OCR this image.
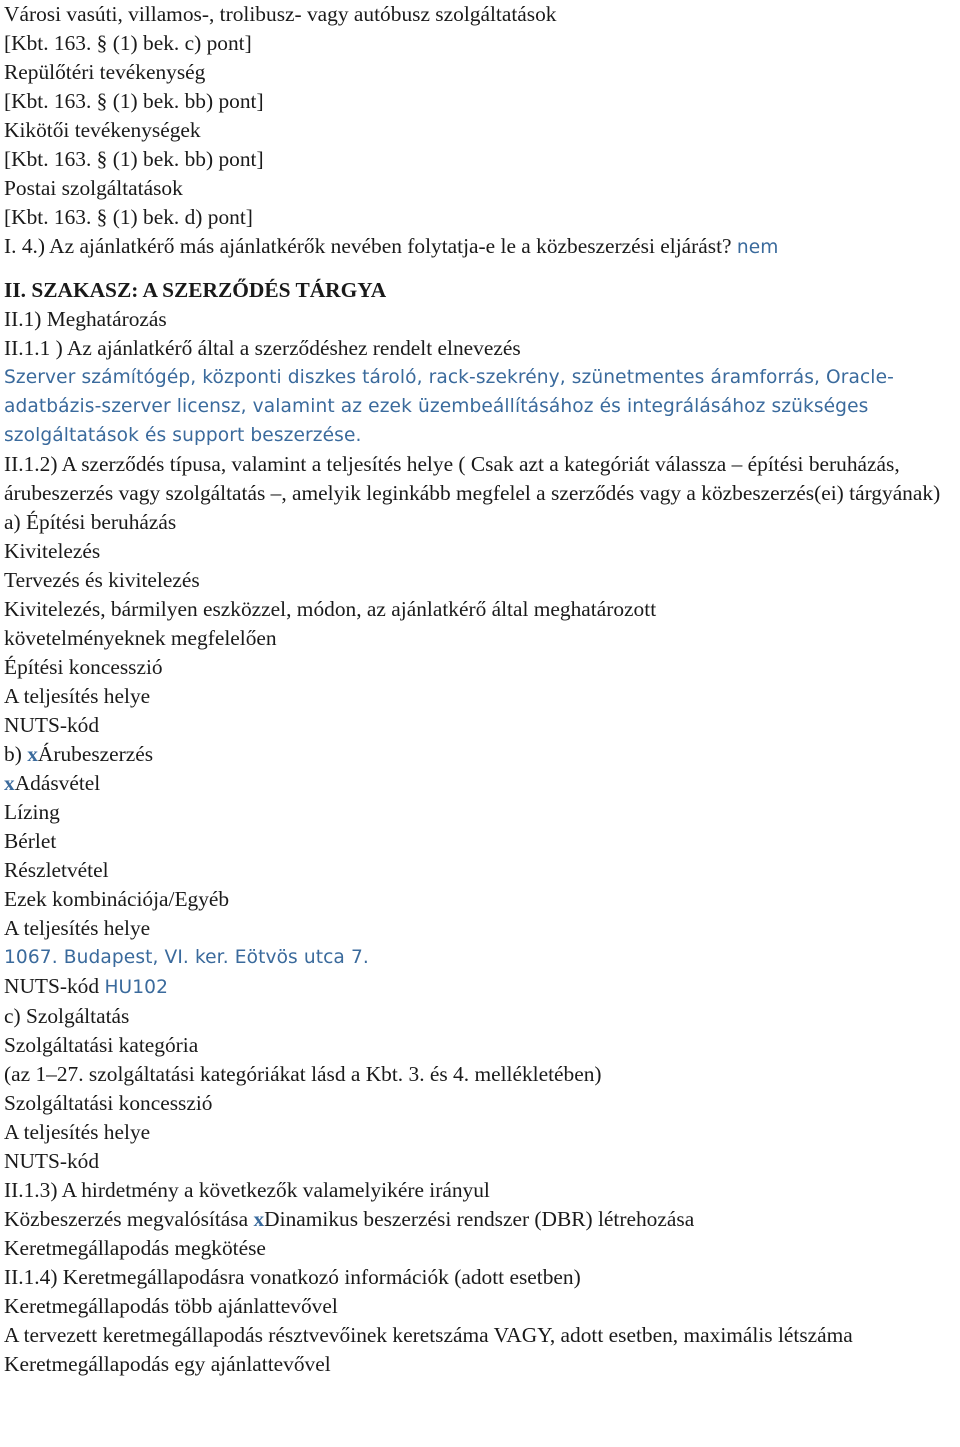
Városi vasúti, villamos-, trolibusz- vagy autóbusz szolgáltatások
[Kbt. 163. § (1) bek. c) pont]
Repülőtéri tevékenység
[Kbt. 163. § (1) bek. bb) pont]
Kikötői tevékenységek
[Kbt. 163. § (1) bek. bb) pont]
Postai szolgáltatások
[Kbt. 163. § (1) bek. d) pont]
I. 4.) Az ajánlatkérő más ajánlatkérők nevében folytatja-e le a közbeszerzési eljárást? nem
II. SZAKASZ: A SZERZŐDÉS TÁRGYA
II.1) Meghatározás
II.1.1 ) Az ajánlatkérő által a szerződéshez rendelt elnevezés
Szerver számítógép, központi diszkes tároló, rack-szekrény, szünetmentes áramforrás, Oracle-adatbázis-szerver licensz, valamint az ezek üzembeállításához és integrálásához szükséges szolgáltatások és support beszerzése.
II.1.2) A szerződés típusa, valamint a teljesítés helye ( Csak azt a kategóriát válassza – építési beruházás, árubeszerzés vagy szolgáltatás –, amelyik leginkább megfelel a szerződés vagy a közbeszerzés(ei) tárgyának)
a) Építési beruházás
Kivitelezés
Tervezés és kivitelezés
Kivitelezés, bármilyen eszközzel, módon, az ajánlatkérő által meghatározott
követelményeknek megfelelően
Építési koncesszió
A teljesítés helye
NUTS-kód
b) xÁrubeszerzés
xAdásvétel
Lízing
Bérlet
Részletvétel
Ezek kombinációja/Egyéb
A teljesítés helye
1067. Budapest, VI. ker. Eötvös utca 7.
NUTS-kód HU102
c) Szolgáltatás
Szolgáltatási kategória
(az 1–27. szolgáltatási kategóriákat lásd a Kbt. 3. és 4. mellékletében)
Szolgáltatási koncesszió
A teljesítés helye
NUTS-kód
II.1.3) A hirdetmény a következők valamelyikére irányul
Közbeszerzés megvalósítása xDinamikus beszerzési rendszer (DBR) létrehozása
Keretmegállapodás megkötése
II.1.4) Keretmegállapodásra vonatkozó információk (adott esetben)
Keretmegállapodás több ajánlattevővel
A tervezett keretmegállapodás résztvevőinek keretszáma VAGY, adott esetben, maximális létszáma
Keretmegállapodás egy ajánlattevővel
